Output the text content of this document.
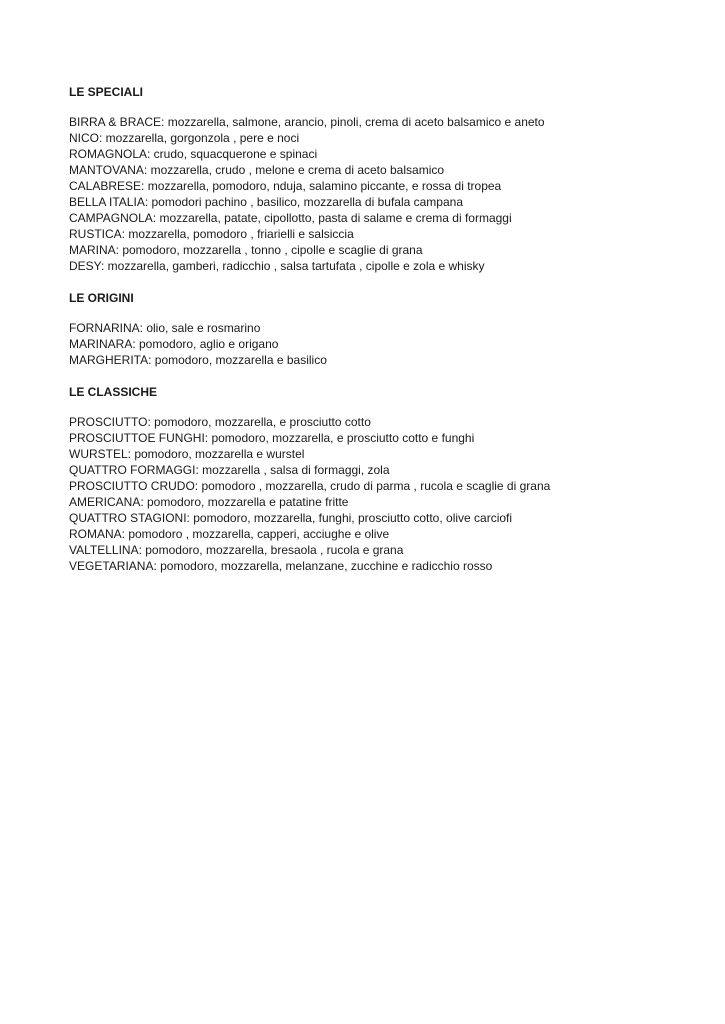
LE SPECIALI

BIRRA & BRACE: mozzarella, salmone, arancio, pinoli, crema di aceto balsamico e aneto
NICO: mozzarella, gorgonzola , pere e noci
ROMAGNOLA: crudo, squacquerone e spinaci
MANTOVANA: mozzarella, crudo , melone e crema di aceto balsamico
CALABRESE: mozzarella, pomodoro, nduja, salamino piccante, e rossa di tropea
BELLA ITALIA: pomodori pachino , basilico, mozzarella di bufala campana
CAMPAGNOLA: mozzarella, patate, cipollotto, pasta di salame e crema di formaggi
RUSTICA: mozzarella, pomodoro , friarielli e salsiccia
MARINA: pomodoro, mozzarella , tonno , cipolle e scaglie di grana
DESY: mozzarella, gamberi, radicchio , salsa tartufata , cipolle e zola e whisky

LE ORIGINI

FORNARINA: olio, sale e rosmarino
MARINARA: pomodoro, aglio e origano
MARGHERITA: pomodoro, mozzarella e basilico

LE CLASSICHE

PROSCIUTTO: pomodoro, mozzarella, e prosciutto cotto
PROSCIUTTOE FUNGHI: pomodoro, mozzarella, e prosciutto cotto e funghi
WURSTEL: pomodoro, mozzarella e wurstel
QUATTRO FORMAGGI: mozzarella , salsa di formaggi, zola
PROSCIUTTO CRUDO: pomodoro , mozzarella, crudo di parma , rucola e scaglie di grana
AMERICANA: pomodoro, mozzarella e patatine fritte
QUATTRO STAGIONI: pomodoro, mozzarella, funghi, prosciutto cotto, olive carciofi
ROMANA: pomodoro , mozzarella, capperi, acciughe e olive
VALTELLINA: pomodoro, mozzarella, bresaola , rucola e grana
VEGETARIANA: pomodoro, mozzarella, melanzane, zucchine e radicchio rosso
